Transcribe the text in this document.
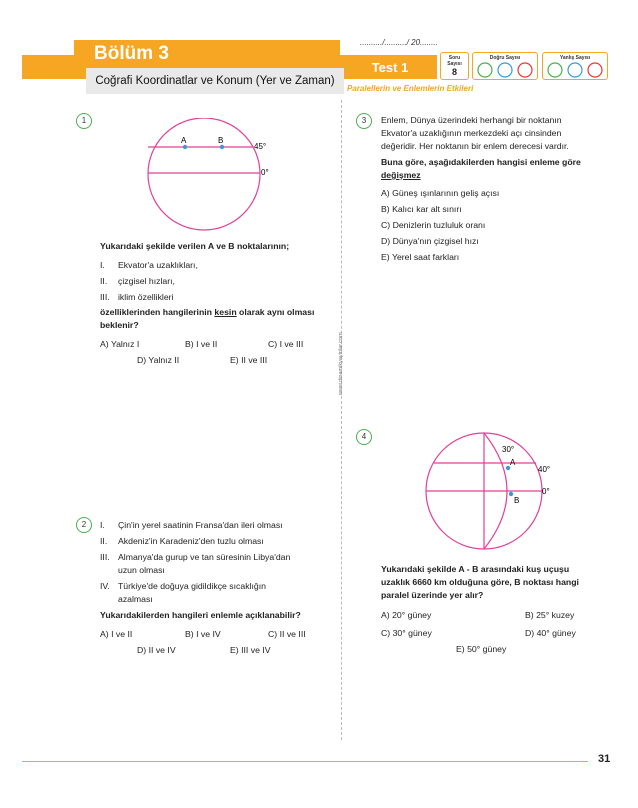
Bölüm 3
Coğrafi Koordinatlar ve Konum (Yer ve Zaman)
........../........../ 20........
Test 1
Paralellerin ve Enlemlerin Etkileri
Soru Sayısı
8
Doğru Sayısı	Yanlış Sayısı
www.dinamikyayinlar.com
1
A	B
45°
0°
Yukarıdaki şekilde verilen A ve B noktalarının;
I. Ekvator'a uzaklıkları,
II. çizgisel hızları,
III. iklim özellikleri
özelliklerinden hangilerinin kesin olarak aynı olması beklenir?
A) Yalnız I	B) I ve II	C) I ve III
D) Yalnız II	E) II ve III
2	I. Çin'in yerel saatinin Fransa'dan ileri olması
II. Akdeniz'in Karadeniz'den tuzlu olması
III. Almanya'da gurup ve tan süresinin Libya'dan
uzun olması
IV. Türkiye'de doğuya gidildikçe sıcaklığın
azalması
Yukarıdakilerden hangileri enlemle açıklanabilir?
A) I ve II	B) I ve IV	C) II ve III
D) II ve IV	E) III ve IV
3	Enlem, Dünya üzerindeki herhangi bir noktanın
Ekvator'a uzaklığının merkezdeki açı cinsinden
değeridir. Her noktanın bir enlem derecesi vardır.
Buna göre, aşağıdakilerden hangisi enleme göre
değişmez
A) Güneş ışınlarının geliş açısı
B) Kalıcı kar alt sınırı
C) Denizlerin tuzluluk oranı
D) Dünya'nın çizgisel hızı
E) Yerel saat farkları
4
30°
A
40°
0°
B
Yukarıdaki şekilde A - B arasındaki kuş uçuşu
uzaklık 6660 km olduğuna göre, B noktası hangi
paralel üzerinde yer alır?
A) 20° güney	B) 25° kuzey
C) 30° güney	D) 40° güney
E) 50° güney
31
